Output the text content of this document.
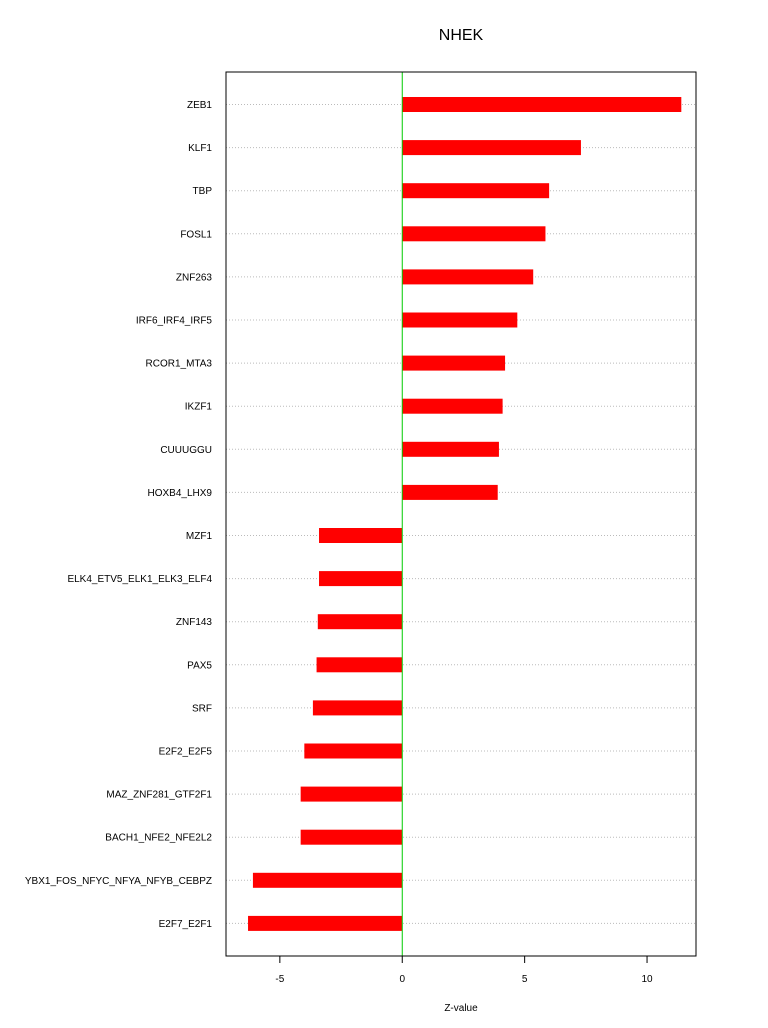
NHEK
ZEB1
KLF1
TBP
FOSL1
ZNF263
IRF6_IRF4_IRF5
RCOR1_MTA3
IKZF1
CUUUGGU
HOXB4_LHX9
MZF1
ELK4_ETV5_ELK1_ELK3_ELF4
ZNF143
PAX5
SRF
E2F2_E2F5
MAZ_ZNF281_GTF2F1
BACH1_NFE2_NFE2L2
YBX1_FOS_NFYC_NFYA_NFYB_CEBPZ
E2F7_E2F1
-5	0	5	10
Z-value
